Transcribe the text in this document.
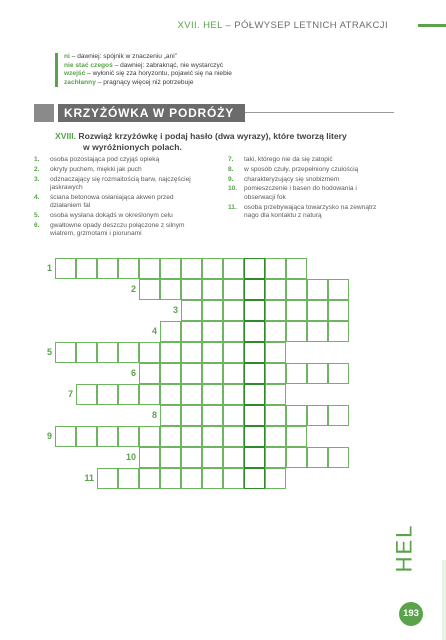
XVII. HEL – PÓŁWYSEP LETNICH ATRAKCJI
ni – dawniej: spójnik w znaczeniu „ani”
nie stać czegoś – dawniej: zabraknąć, nie wystarczyć
wzejść – wyłonić się zza horyzontu, pojawić się na niebie
zachłanny – pragnący więcej niż potrzebuje
KRZYŻÓWKA W PODRÓŻY
XVIII. Rozwiąż krzyżówkę i podaj hasło (dwa wyrazy), które tworzą litery
w wyróżnionych polach.
1.	osoba pozostająca pod czyjąś opieką
2.	okryty puchem, miękki jak puch
3.	odznaczający się rozmaitością barw, najczęściej jaskrawych
4.	ściana betonowa osłaniająca akwen przed działaniem fal
5.	osoba wysłana dokądś w określonym celu
6.	gwałtowne opady deszczu połączone z silnym wiatrem, grzmotami i piorunami
7.	taki, którego nie da się zatopić
8.	w sposób czuły, przepełniony czułością
9.	charakteryzujący się snobizmem
10.	pomieszczenie i basen do hodowania i obserwacji fok
11.	osoba przebywająca towarzysko na zewnątrz nago dla kontaktu z naturą
1
2
3
4
5
6
7
8
9
10
11
HEL
193
